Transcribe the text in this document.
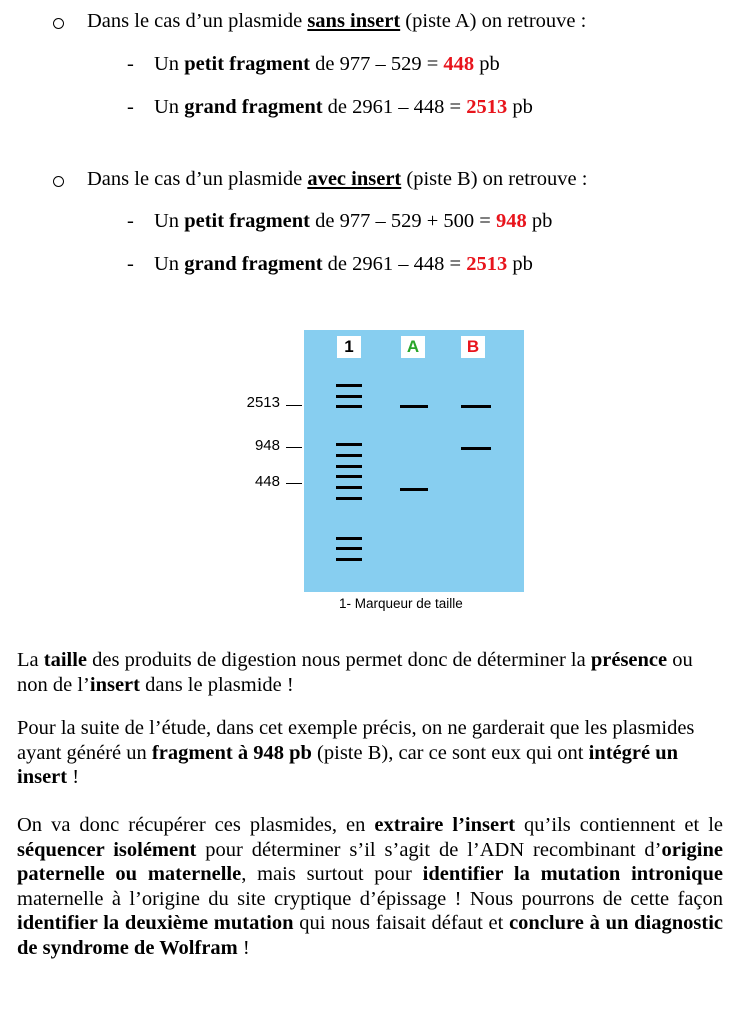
Dans le cas d’un plasmide sans insert (piste A) on retrouve :
- Un petit fragment de 977 – 529 = 448 pb
- Un grand fragment de 2961 – 448 = 2513 pb
Dans le cas d’un plasmide avec insert (piste B) on retrouve :
- Un petit fragment de 977 – 529 + 500 = 948 pb
- Un grand fragment de 2961 – 448 = 2513 pb
1	A	B
2513
948
448
1- Marqueur de taille
La taille des produits de digestion nous permet donc de déterminer la présence ou non de l’insert dans le plasmide !
Pour la suite de l’étude, dans cet exemple précis, on ne garderait que les plasmides ayant généré un fragment à 948 pb (piste B), car ce sont eux qui ont intégré un insert !
On va donc récupérer ces plasmides, en extraire l’insert qu’ils contiennent et le séquencer isolément pour déterminer s’il s’agit de l’ADN recombinant d’origine paternelle ou maternelle, mais surtout pour identifier la mutation intronique maternelle à l’origine du site cryptique d’épissage ! Nous pourrons de cette façon identifier la deuxième mutation qui nous faisait défaut et conclure à un diagnostic de syndrome de Wolfram !
